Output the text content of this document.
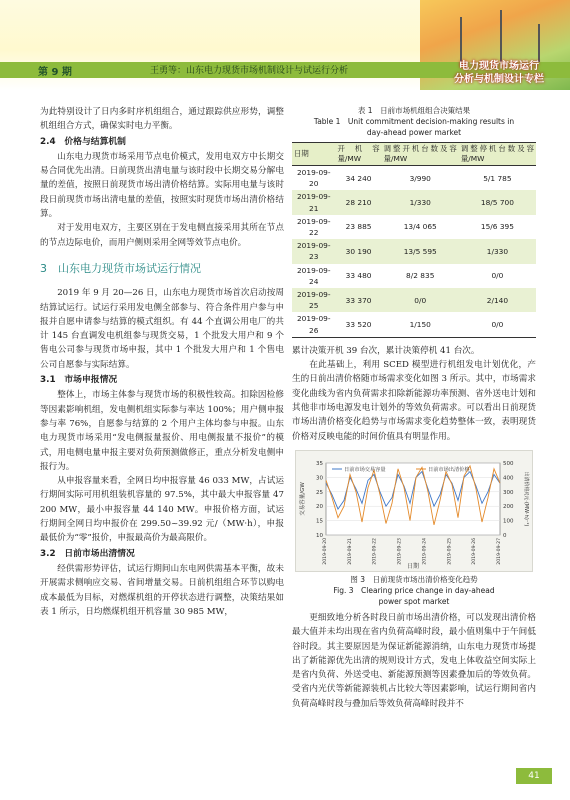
第 9 期	王勇等：山东电力现货市场机制设计与试运行分析	电力现货市场运行
分析与机制设计专栏

为此特别设计了日内多时序机组组合，通过跟踪供应形势，调整机组组合方式，确保实时电力平衡。

2.4　价格与结算机制

山东电力现货市场采用节点电价模式，发用电双方中长期交易合同优先出清。日前现货出清电量与该时段中长期交易分解电量的差值，按照日前现货市场出清价格结算。实际用电量与该时段日前现货市场出清电量的差值，按照实时现货市场出清价格结算。

对于发用电双方，主要区别在于发电侧直接采用其所在节点的节点边际电价，而用户侧则采用全网等效节点电价。

3　山东电力现货市场试运行情况

2019 年 9 月 20—26 日，山东电力现货市场首次启动按周结算试运行。试运行采用发电侧全部参与、符合条件用户参与申报并自愿申请参与结算的模式组织。有 44 个直调公用电厂的共计 145 台直调发电机组参与现货交易，1 个批发大用户和 9 个售电公司参与现货市场申报，其中 1 个批发大用户和 1 个售电公司自愿参与实际结算。

3.1　市场申报情况

整体上，市场主体参与现货市场的积极性较高。扣除因检修等因素影响机组，发电侧机组实际参与率达 100%；用户侧申报参与率 76%，自愿参与结算的 2 个用户主体均参与申报。山东电力现货市场采用“发电侧报量报价、用电侧报量不报价”的模式，用电侧电量申报主要对负荷预测做修正，重点分析发电侧申报行为。

从申报容量来看，全网日均申报容量 46 033 MW，占试运行期间实际可用机组装机容量的 97.5%，其中最大申报容量 47 200 MW，最小申报容量 44 140 MW。申报价格方面，试运行期间全网日均申报价在 299.50~39.92 元/（MW·h），申报最低价为“零”报价，申报最高价为最高限价。

3.2　日前市场出清情况

经供需形势评估，试运行期间山东电网供需基本平衡，故未开展需求侧响应交易、省间增量交易。日前机组组合环节以购电成本最低为目标，对燃煤机组的开停状态进行调整，决策结果如表 1 所示，日均燃煤机组开机容量 30 985 MW，

表 1　日前市场机组组合决策结果
Table 1　Unit commitment decision-making results in
day-ahead power market
日期	开机容量/MW	调整开机台数及容量/MW	调整停机台数及容量/MW
2019-09-20	34 240	3/990	5/1 785
2019-09-21	28 210	1/330	18/5 700
2019-09-22	23 885	13/4 065	15/6 395
2019-09-23	30 190	13/5 595	1/330
2019-09-24	33 480	8/2 835	0/0
2019-09-25	33 370	0/0	2/140
2019-09-26	33 520	1/150	0/0

累计决策开机 39 台次，累计决策停机 41 台次。

在此基础上，利用 SCED 模型进行机组发电计划优化，产生的日前出清价格随市场需求变化如图 3 所示。其中，市场需求变化曲线为省内负荷需求扣除新能源功率预测、省外送电计划和其他非市场电源发电计划外的等效负荷需求。可以看出日前现货市场出清价格变化趋势与市场需求变化趋势整体一致，表明现货价格对反映电能的时间价值具有明显作用。

10
15
20
25
30
35
0
100
200
300
400
500
2019-09-20	2019-09-21	2019-09-22	2019-09-23	2019-09-24	2019-09-25	2019-09-26	2019-09-27
日期
交易容量/GW	出清价格/(元·(MW·h)⁻¹)
日前市场交易容量	日前市场出清价格
图 3　日前现货市场出清价格变化趋势
Fig. 3　Clearing price change in day-ahead
power spot market

更细致地分析各时段日前市场出清价格，可以发现出清价格最大值并未均出现在省内负荷高峰时段，最小值则集中于午间低谷时段。其主要原因是为保证新能源消纳，山东电力现货市场提出了新能源优先出清的规则设计方式，发电上体收益空间实际上是省内负荷、外送受电、新能源预测等因素叠加后的等效负荷。受省内光伏等新能源装机占比较大等因素影响，试运行期间省内负荷高峰时段与叠加后等效负荷高峰时段并不

41
